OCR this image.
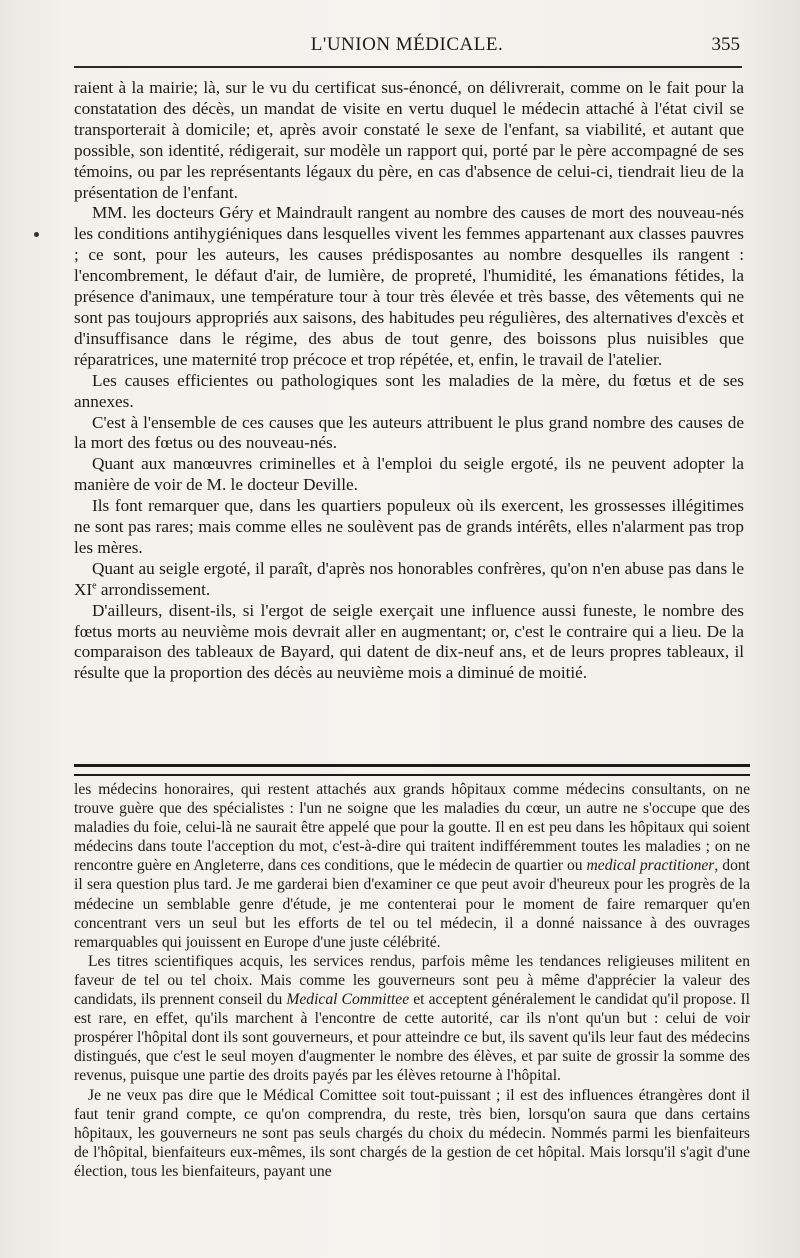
L'UNION MÉDICALE.	355

raient à la mairie; là, sur le vu du certificat sus-énoncé, on délivrerait, comme on le fait pour la constatation des décès, un mandat de visite en vertu duquel le médecin attaché à l'état civil se transporterait à domicile; et, après avoir constaté le sexe de l'enfant, sa viabilité, et autant que possible, son identité, rédigerait, sur modèle un rapport qui, porté par le père accompagné de ses témoins, ou par les représentants légaux du père, en cas d'absence de celui-ci, tiendrait lieu de la présentation de l'enfant.

MM. les docteurs Géry et Maindrault rangent au nombre des causes de mort des nouveau-nés les conditions antihygiéniques dans lesquelles vivent les femmes appartenant aux classes pauvres ; ce sont, pour les auteurs, les causes prédisposantes au nombre desquelles ils rangent : l'encombrement, le défaut d'air, de lumière, de propreté, l'humidité, les émanations fétides, la présence d'animaux, une température tour à tour très élevée et très basse, des vêtements qui ne sont pas toujours appropriés aux saisons, des habitudes peu régulières, des alternatives d'excès et d'insuffisance dans le régime, des abus de tout genre, des boissons plus nuisibles que réparatrices, une maternité trop précoce et trop répétée, et, enfin, le travail de l'atelier.

Les causes efficientes ou pathologiques sont les maladies de la mère, du fœtus et de ses annexes.

C'est à l'ensemble de ces causes que les auteurs attribuent le plus grand nombre des causes de la mort des fœtus ou des nouveau-nés.

Quant aux manœuvres criminelles et à l'emploi du seigle ergoté, ils ne peuvent adopter la manière de voir de M. le docteur Deville.

Ils font remarquer que, dans les quartiers populeux où ils exercent, les grossesses illégitimes ne sont pas rares; mais comme elles ne soulèvent pas de grands intérêts, elles n'alarment pas trop les mères.

Quant au seigle ergoté, il paraît, d'après nos honorables confrères, qu'on n'en abuse pas dans le XIe arrondissement.

D'ailleurs, disent-ils, si l'ergot de seigle exerçait une influence aussi funeste, le nombre des fœtus morts au neuvième mois devrait aller en augmentant; or, c'est le contraire qui a lieu. De la comparaison des tableaux de Bayard, qui datent de dix-neuf ans, et de leurs propres tableaux, il résulte que la proportion des décès au neuvième mois a diminué de moitié.

les médecins honoraires, qui restent attachés aux grands hôpitaux comme médecins consultants, on ne trouve guère que des spécialistes : l'un ne soigne que les maladies du cœur, un autre ne s'occupe que des maladies du foie, celui-là ne saurait être appelé que pour la goutte. Il en est peu dans les hôpitaux qui soient médecins dans toute l'acception du mot, c'est-à-dire qui traitent indifféremment toutes les maladies ; on ne rencontre guère en Angleterre, dans ces conditions, que le médecin de quartier ou medical practitioner, dont il sera question plus tard. Je me garderai bien d'examiner ce que peut avoir d'heureux pour les progrès de la médecine un semblable genre d'étude, je me contenterai pour le moment de faire remarquer qu'en concentrant vers un seul but les efforts de tel ou tel médecin, il a donné naissance à des ouvrages remarquables qui jouissent en Europe d'une juste célébrité.

Les titres scientifiques acquis, les services rendus, parfois même les tendances religieuses militent en faveur de tel ou tel choix. Mais comme les gouverneurs sont peu à même d'apprécier la valeur des candidats, ils prennent conseil du Medical Committee et acceptent généralement le candidat qu'il propose. Il est rare, en effet, qu'ils marchent à l'encontre de cette autorité, car ils n'ont qu'un but : celui de voir prospérer l'hôpital dont ils sont gouverneurs, et pour atteindre ce but, ils savent qu'ils leur faut des médecins distingués, que c'est le seul moyen d'augmenter le nombre des élèves, et par suite de grossir la somme des revenus, puisque une partie des droits payés par les élèves retourne à l'hôpital.

Je ne veux pas dire que le Médical Comittee soit tout-puissant ; il est des influences étrangères dont il faut tenir grand compte, ce qu'on comprendra, du reste, très bien, lorsqu'on saura que dans certains hôpitaux, les gouverneurs ne sont pas seuls chargés du choix du médecin. Nommés parmi les bienfaiteurs de l'hôpital, bienfaiteurs eux-mêmes, ils sont chargés de la gestion de cet hôpital. Mais lorsqu'il s'agit d'une élection, tous les bienfaiteurs, payant une
